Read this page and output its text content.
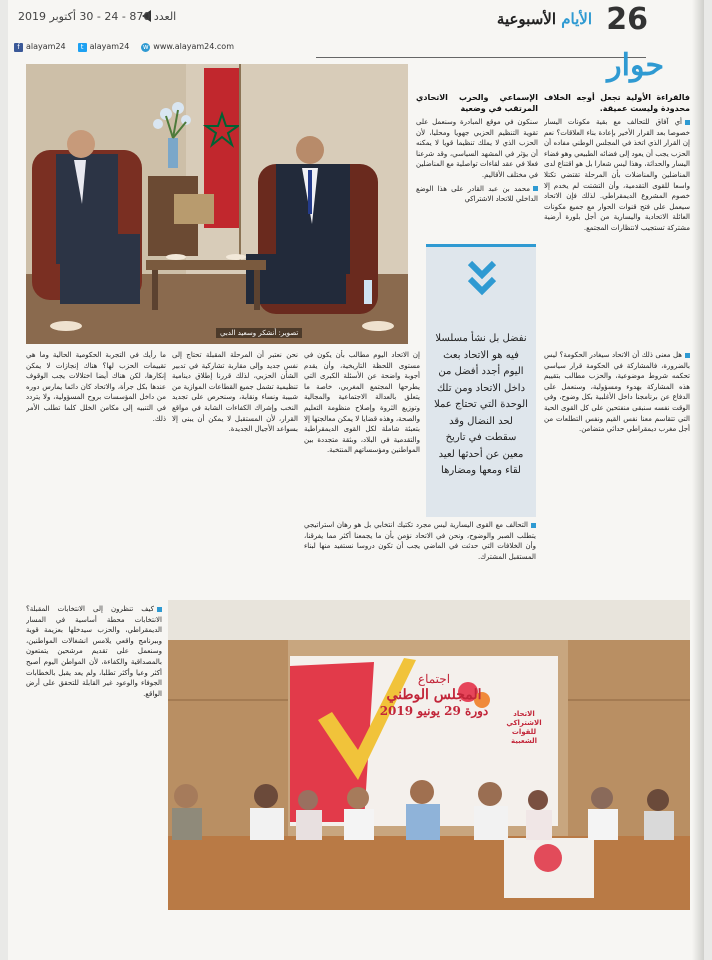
26
الأيام الأسبوعية
العدد 870 - 24 - 30 أكتوبر 2019
f alayam24	t alayam24 w www.alayam24.com
حوار
تصوير: أنشكر وسعيد الدبي
فالقراءة الأولية تجعل أوجه الخلاف محدودة وليست عميقة.

أي آفاق للتحالف مع بقية مكونات اليسار خصوصا بعد القرار الأخير بإعادة بناء العلاقات؟ نعم إن القرار الذي اتخذ في المجلس الوطني مفاده أن الحزب يجب أن يعود إلى فضائه الطبيعي وهو فضاء اليسار والحداثة، وهذا ليس شعارا بل هو اقتناع لدى المناضلين والمناضلات بأن المرحلة تقتضي تكتلا واسعا للقوى التقدمية، وأن التشتت لم يخدم إلا خصوم المشروع الديمقراطي. لذلك فإن الاتحاد سيعمل على فتح قنوات الحوار مع جميع مكونات العائلة الاتحادية واليسارية من أجل بلورة أرضية مشتركة تستجيب لانتظارات المجتمع.

هل معنى ذلك أن الاتحاد سيغادر الحكومة؟ ليس بالضرورة، فالمشاركة في الحكومة قرار سياسي تحكمه شروط موضوعية، والحزب مطالب بتقييم هذه المشاركة بهدوء ومسؤولية، وسنعمل على الدفاع عن برنامجنا داخل الأغلبية بكل وضوح، وفي الوقت نفسه سنبقى منفتحين على كل القوى الحية التي تتقاسم معنا نفس القيم ونفس التطلعات من أجل مغرب ديمقراطي حداثي متضامن.

الإسماعي والحرب الاتحادي المرتقب في وضعية

سنكون في موقع المبادرة وسنعمل على تقوية التنظيم الحزبي جهويا ومحليا، لأن الحزب الذي لا يملك تنظيما قويا لا يمكنه أن يؤثر في المشهد السياسي، وقد شرعنا فعلا في عقد لقاءات تواصلية مع المناضلين في مختلف الأقاليم.

محمد بن عبد القادر على هذا الوضع الداخلي للاتحاد الاشتراكي

نفضل بل نشأ مسلسلا فيه هو الاتحاد بعث اليوم أجدد أفضل من داخل الاتحاد ومن تلك الوحدة التي تحتاج عملا لحد النضال وقد سقطت في تاريخ معين عن أحدثها لعيد لقاء ومعها ومضارها

إن الاتحاد اليوم مطالب بأن يكون في مستوى اللحظة التاريخية، وأن يقدم أجوبة واضحة عن الأسئلة الكبرى التي يطرحها المجتمع المغربي، خاصة ما يتعلق بالعدالة الاجتماعية والمجالية وتوزيع الثروة وإصلاح منظومة التعليم والصحة، وهذه قضايا لا يمكن معالجتها إلا بتعبئة شاملة لكل القوى الديمقراطية والتقدمية في البلاد، وبثقة متجددة بين المواطنين ومؤسساتهم المنتخبة.

نحن نعتبر أن المرحلة المقبلة تحتاج إلى نفس جديد وإلى مقاربة تشاركية في تدبير الشأن الحزبي، لذلك قررنا إطلاق دينامية تنظيمية تشمل جميع القطاعات الموازية من شبيبة ونساء ونقابة، وسنحرص على تجديد النخب وإشراك الكفاءات الشابة في مواقع القرار، لأن المستقبل لا يمكن أن يبنى إلا بسواعد الأجيال الجديدة.

ما رأيك في التجربة الحكومية الحالية وما هي تقييمات الحزب لها؟ هناك إنجازات لا يمكن إنكارها، لكن هناك أيضا اختلالات يجب الوقوف عندها بكل جرأة، والاتحاد كان دائما يمارس دوره من داخل المؤسسات بروح المسؤولية، ولا يتردد في التنبيه إلى مكامن الخلل كلما تطلب الأمر ذلك.

التحالف مع القوى اليسارية ليس مجرد تكتيك انتخابي بل هو رهان استراتيجي يتطلب الصبر والوضوح، ونحن في الاتحاد نؤمن بأن ما يجمعنا أكثر مما يفرقنا، وأن الخلافات التي حدثت في الماضي يجب أن تكون دروسا نستفيد منها لبناء المستقبل المشترك.

كيف تنظرون إلى الانتخابات المقبلة؟ الانتخابات محطة أساسية في المسار الديمقراطي، والحزب سيدخلها بعزيمة قوية وببرنامج واقعي يلامس انشغالات المواطنين، وسنعمل على تقديم مرشحين يتمتعون بالمصداقية والكفاءة، لأن المواطن اليوم أصبح أكثر وعيا وأكثر تطلبا، ولم يعد يقبل بالخطابات الجوفاء والوعود غير القابلة للتحقق على أرض الواقع.

اجتماع
المجلس الوطني
دورة 29 يونيو 2019	الاتحاد الاشتراكي للقوات الشعبية
